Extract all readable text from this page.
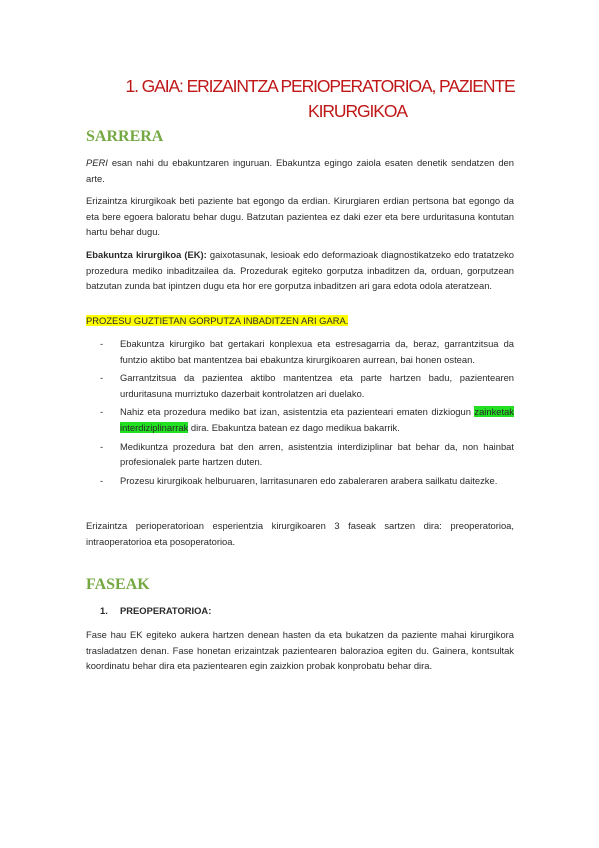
1. GAIA: ERIZAINTZA PERIOPERATORIOA, PAZIENTE
KIRURGIKOA
SARRERA
PERI esan nahi du ebakuntzaren inguruan. Ebakuntza egingo zaiola esaten denetik sendatzen den arte.
Erizaintza kirurgikoak beti paziente bat egongo da erdian. Kirurgiaren erdian pertsona bat egongo da eta bere egoera baloratu behar dugu. Batzutan pazientea ez daki ezer eta bere urduritasuna kontutan hartu behar dugu.
Ebakuntza kirurgikoa (EK): gaixotasunak, lesioak edo deformazioak diagnostikatzeko edo tratatzeko prozedura mediko inbaditzailea da. Prozedurak egiteko gorputza inbaditzen da, orduan, gorputzean batzutan zunda bat ipintzen dugu eta hor ere gorputza inbaditzen ari gara edota odola ateratzean.
PROZESU GUZTIETAN GORPUTZA INBADITZEN ARI GARA.
- Ebakuntza kirurgiko bat gertakari konplexua eta estresagarria da, beraz, garrantzitsua da funtzio aktibo bat mantentzea bai ebakuntza kirurgikoaren aurrean, bai honen ostean.
- Garrantzitsua da pazientea aktibo mantentzea eta parte hartzen badu, pazientearen urduritasuna murriztuko dazerbait kontrolatzen ari duelako.
- Nahiz eta prozedura mediko bat izan, asistentzia eta pazienteari ematen dizkiogun zainketak interdiziplinarrak dira. Ebakuntza batean ez dago medikua bakarrik.
- Medikuntza prozedura bat den arren, asistentzia interdiziplinar bat behar da, non hainbat profesionalek parte hartzen duten.
- Prozesu kirurgikoak helburuaren, larritasunaren edo zabaleraren arabera sailkatu daitezke.
Erizaintza perioperatorioan esperientzia kirurgikoaren 3 faseak sartzen dira: preoperatorioa, intraoperatorioa eta posoperatorioa.
FASEAK
1. PREOPERATORIOA:
Fase hau EK egiteko aukera hartzen denean hasten da eta bukatzen da paziente mahai kirurgikora trasladatzen denan. Fase honetan erizaintzak pazientearen balorazioa egiten du. Gainera, kontsultak koordinatu behar dira eta pazientearen egin zaizkion probak konprobatu behar dira.
